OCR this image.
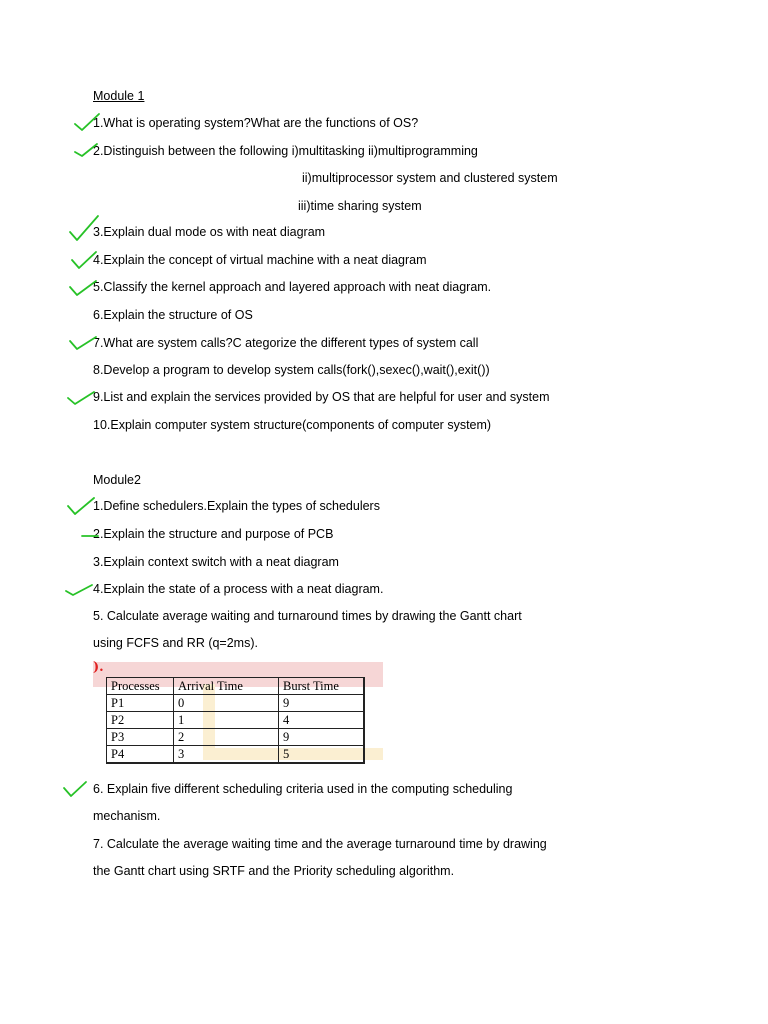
Module 1
1.What is operating system?What are the functions of OS?
2.Distinguish between the following i)multitasking ii)multiprogramming
ii)multiprocessor system and clustered system
iii)time sharing system
3.Explain dual mode os with neat diagram
4.Explain the concept of virtual machine with a neat diagram
5.Classify the kernel approach and layered approach with neat diagram.
6.Explain the structure of OS
7.What are system calls?C ategorize the different types of system call
8.Develop a program to develop system calls(fork(),sexec(),wait(),exit())
9.List and explain the services provided by OS that are helpful for user and system
10.Explain computer system structure(components of computer system)
Module2
1.Define schedulers.Explain the types of schedulers
2.Explain the structure and purpose of PCB
3.Explain context switch with a neat diagram
4.Explain the state of a process with a neat diagram.
5. Calculate average waiting and turnaround times by drawing the Gantt chart
using FCFS and RR (q=2ms).
).
Processes	Arrival Time	Burst Time
P1	0	9
P2	1	4
P3	2	9
P4	3	5
6. Explain five different scheduling criteria used in the computing scheduling
mechanism.
7. Calculate the average waiting time and the average turnaround time by drawing
the Gantt chart using SRTF and the Priority scheduling algorithm.
